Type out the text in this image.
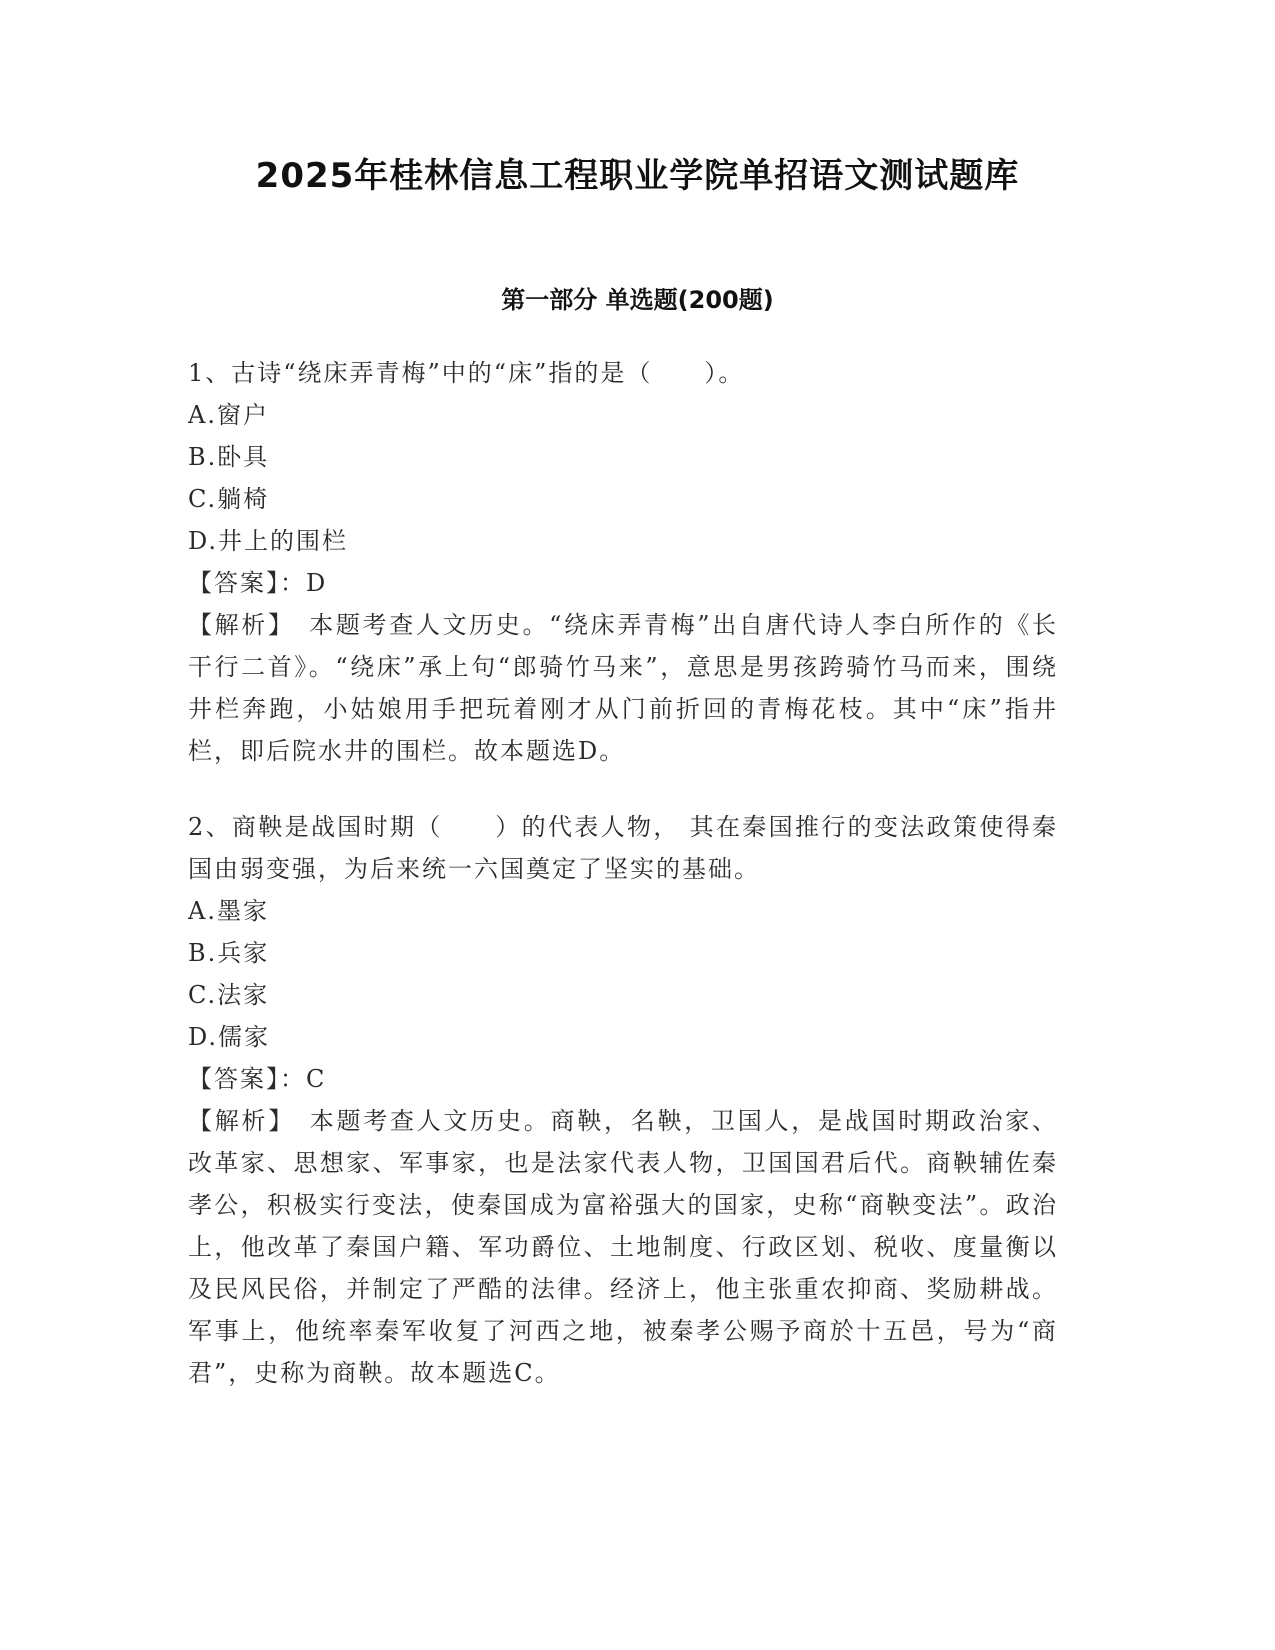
2025年桂林信息工程职业学院单招语文测试题库
第一部分 单选题(200题)
1、古诗“绕床弄青梅”中的“床”指的是（　　）。
A.窗户
B.卧具
C.躺椅
D.井上的围栏
【答案】：D
【解析】　本题考查人文历史。“绕床弄青梅”出自唐代诗人李白所作的《长干行二首》。“绕床”承上句“郎骑竹马来”，意思是男孩跨骑竹马而来，围绕井栏奔跑，小姑娘用手把玩着刚才从门前折回的青梅花枝。其中“床”指井栏，即后院水井的围栏。故本题选D。
2、商鞅是战国时期（　　）的代表人物， 其在秦国推行的变法政策使得秦国由弱变强，为后来统一六国奠定了坚实的基础。
A.墨家
B.兵家
C.法家
D.儒家
【答案】：C
【解析】　本题考查人文历史。商鞅，名鞅，卫国人，是战国时期政治家、改革家、思想家、军事家，也是法家代表人物，卫国国君后代。商鞅辅佐秦孝公，积极实行变法，使秦国成为富裕强大的国家，史称“商鞅变法”。政治上，他改革了秦国户籍、军功爵位、土地制度、行政区划、税收、度量衡以及民风民俗，并制定了严酷的法律。经济上，他主张重农抑商、奖励耕战。军事上，他统率秦军收复了河西之地，被秦孝公赐予商於十五邑，号为“商君”，史称为商鞅。故本题选C。
